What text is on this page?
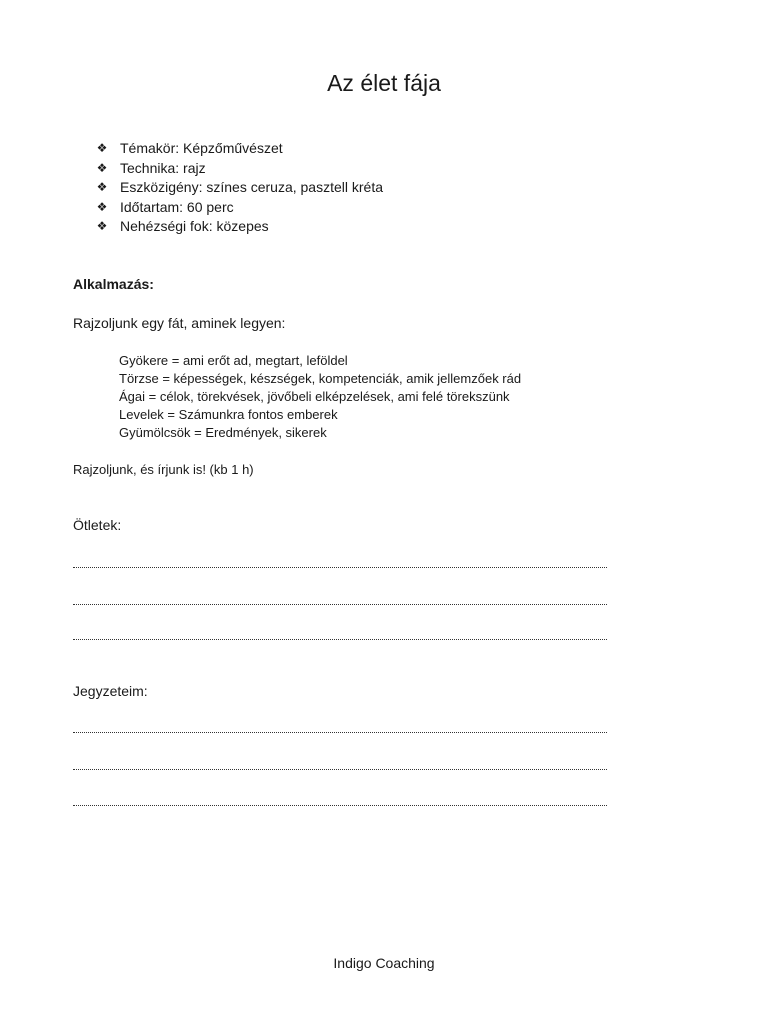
Az élet fája
❖ Témakör: Képzőművészet
❖ Technika: rajz
❖ Eszközigény: színes ceruza, pasztell kréta
❖ Időtartam: 60 perc
❖ Nehézségi fok: közepes

Alkalmazás:

Rajzoljunk egy fát, aminek legyen:

Gyökere = ami erőt ad, megtart, leföldel
Törzse = képességek, készségek, kompetenciák, amik jellemzőek rád
Ágai = célok, törekvések, jövőbeli elképzelések, ami felé törekszünk
Levelek = Számunkra fontos emberek
Gyümölcsök = Eredmények, sikerek

Rajzoljunk, és írjunk is! (kb 1 h)

Ötletek:

Jegyzeteim:

Indigo Coaching
